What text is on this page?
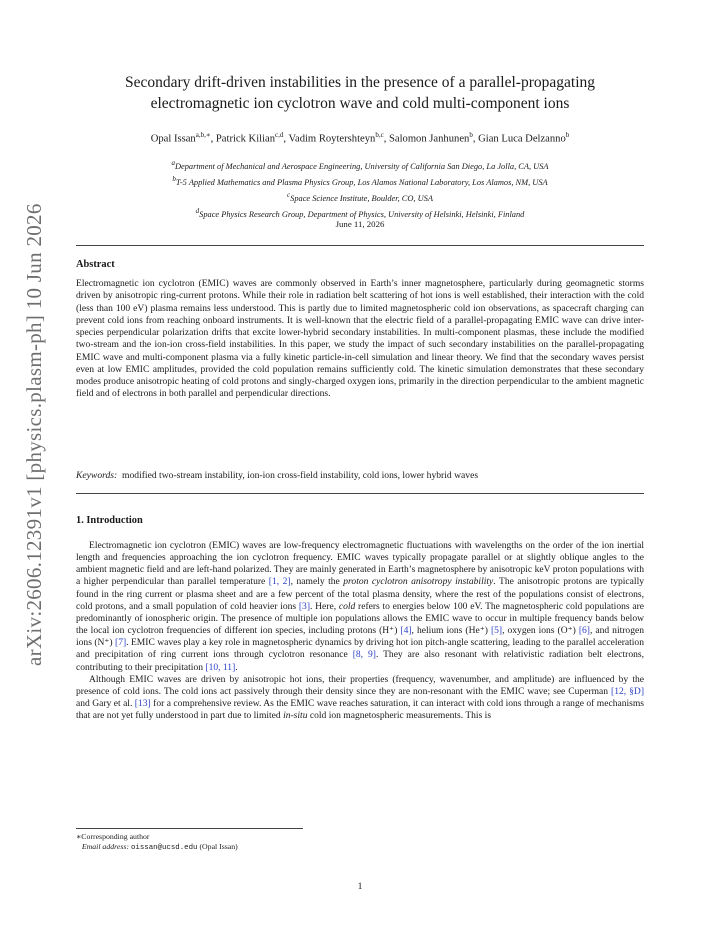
arXiv:2606.12391v1 [physics.plasm-ph] 10 Jun 2026
Secondary drift-driven instabilities in the presence of a parallel-propagating
electromagnetic ion cyclotron wave and cold multi-component ions
Opal Issan$^{a,b,∗}$, Patrick Kilian$^{c,d}$, Vadim Roytershteyn$^{b,c}$, Salomon Janhunen$^b$, Gian Luca Delzanno$^b$
$^a$Department of Mechanical and Aerospace Engineering, University of California San Diego, La Jolla, CA, USA
$^b$T-5 Applied Mathematics and Plasma Physics Group, Los Alamos National Laboratory, Los Alamos, NM, USA
$^c$Space Science Institute, Boulder, CO, USA
$^d$Space Physics Research Group, Department of Physics, University of Helsinki, Helsinki, Finland
June 11, 2026
Abstract
Electromagnetic ion cyclotron (EMIC) waves are commonly observed in Earth’s inner magnetosphere, particularly during geomagnetic storms driven by anisotropic ring-current protons. While their role in radiation belt scattering of hot ions is well established, their interaction with the cold (less than 100 eV) plasma remains less understood. This is partly due to limited magnetospheric cold ion observations, as spacecraft charging can prevent cold ions from reaching onboard instruments. It is well-known that the electric field of a parallel-propagating EMIC wave can drive inter-species perpendicular polarization drifts that excite lower-hybrid secondary instabilities. In multi-component plasmas, these include the modified two-stream and the ion-ion cross-field instabilities. In this paper, we study the impact of such secondary instabilities on the parallel-propagating EMIC wave and multi-component plasma via a fully kinetic particle-in-cell simulation and linear theory. We find that the secondary waves persist even at low EMIC amplitudes, provided the cold population remains sufficiently cold. The kinetic simulation demonstrates that these secondary modes produce anisotropic heating of cold protons and singly-charged oxygen ions, primarily in the direction perpendicular to the ambient magnetic field and of electrons in both parallel and perpendicular directions.
Keywords: modified two-stream instability, ion-ion cross-field instability, cold ions, lower hybrid waves
1. Introduction

Electromagnetic ion cyclotron (EMIC) waves are low-frequency electromagnetic fluctuations with wavelengths on the order of the ion inertial length and frequencies approaching the ion cyclotron frequency. EMIC waves typically propagate parallel or at slightly oblique angles to the ambient magnetic field and are left-hand polarized. They are mainly generated in Earth’s magnetosphere by anisotropic keV proton populations with a higher perpendicular than parallel temperature [1, 2], namely the proton cyclotron anisotropy instability. The anisotropic protons are typically found in the ring current or plasma sheet and are a few percent of the total plasma density, where the rest of the populations consist of electrons, cold protons, and a small population of cold heavier ions [3]. Here, cold refers to energies below 100 eV. The magnetospheric cold populations are predominantly of ionospheric origin. The presence of multiple ion populations allows the EMIC wave to occur in multiple frequency bands below the local ion cyclotron frequencies of different ion species, including protons (H⁺) [4], helium ions (He⁺) [5], oxygen ions (O⁺) [6], and nitrogen ions (N⁺) [7]. EMIC waves play a key role in magnetospheric dynamics by driving hot ion pitch-angle scattering, leading to the parallel acceleration and precipitation of ring current ions through cyclotron resonance [8, 9]. They are also resonant with relativistic radiation belt electrons, contributing to their precipitation [10, 11].

Although EMIC waves are driven by anisotropic hot ions, their properties (frequency, wavenumber, and amplitude) are influenced by the presence of cold ions. The cold ions act passively through their density since they are non-resonant with the EMIC wave; see Cuperman [12, §D] and Gary et al. [13] for a comprehensive review. As the EMIC wave reaches saturation, it can interact with cold ions through a range of mechanisms that are not yet fully understood in part due to limited in-situ cold ion magnetospheric measurements. This is

∗Corresponding author
Email address: oissan@ucsd.edu (Opal Issan)
1
